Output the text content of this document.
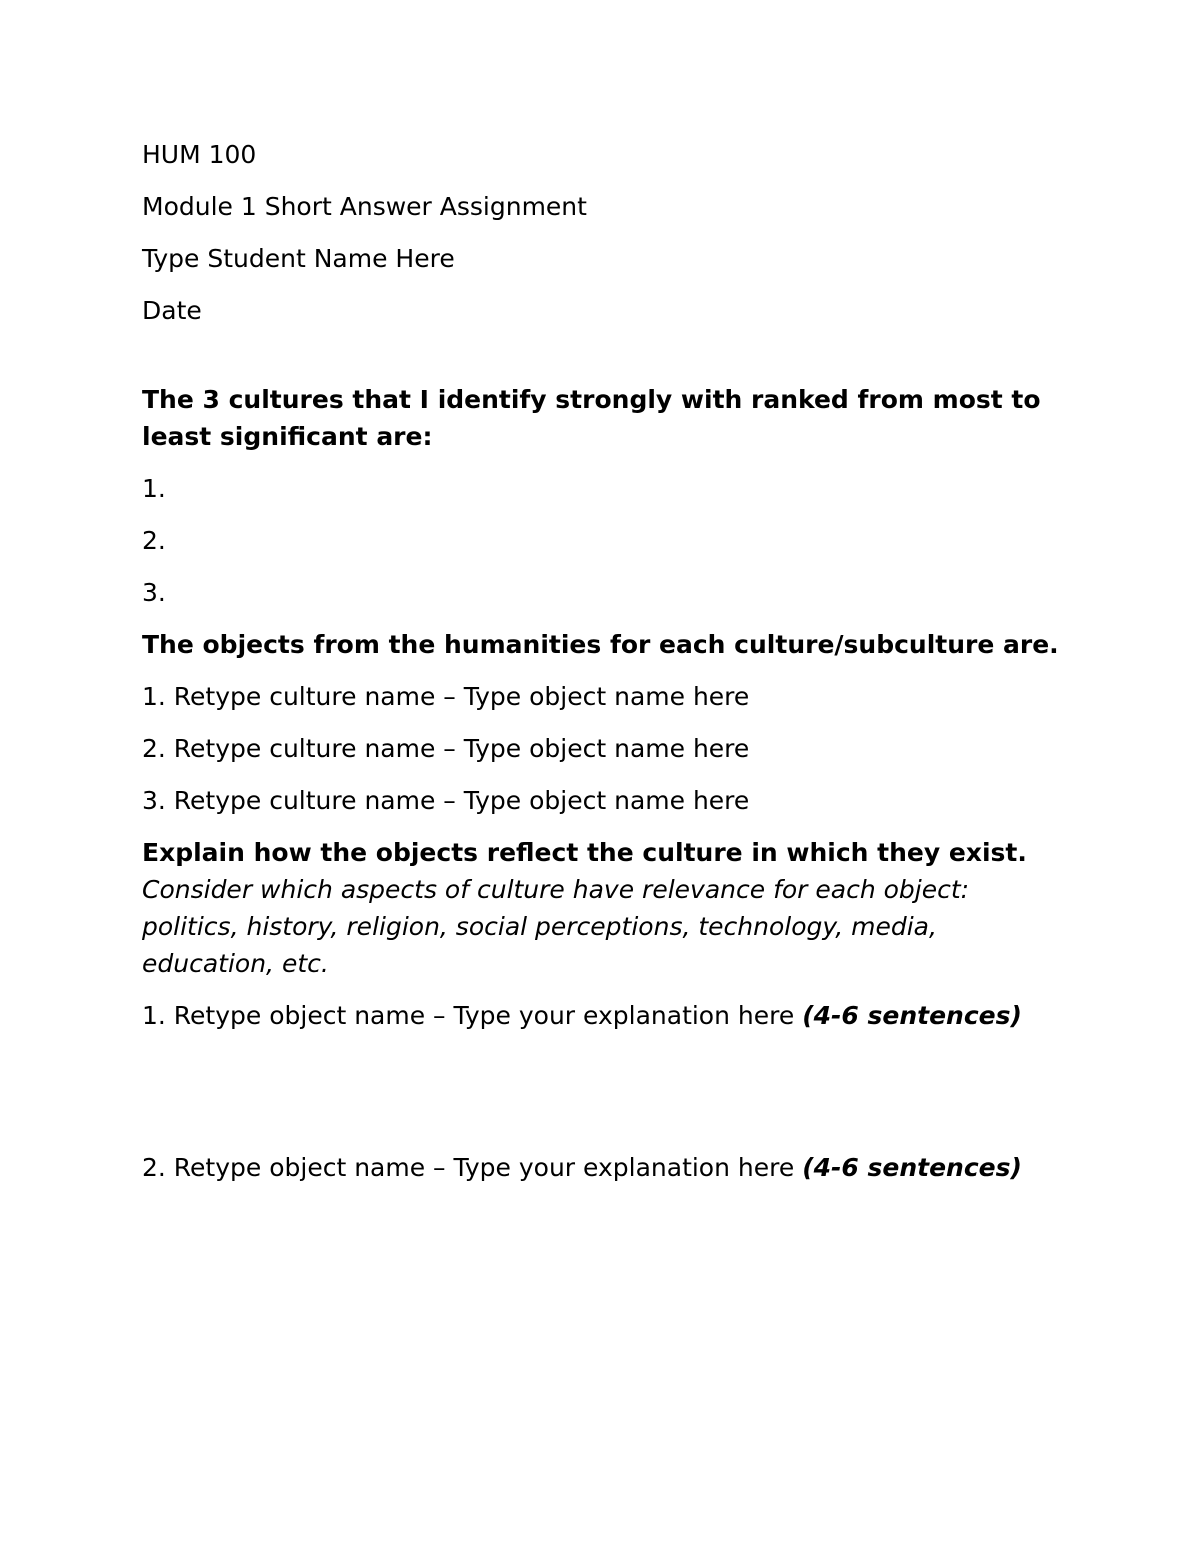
HUM 100

Module 1 Short Answer Assignment

Type Student Name Here

Date

The 3 cultures that I identify strongly with ranked from most to least significant are:

1.

2.

3.

The objects from the humanities for each culture/subculture are.

1. Retype culture name – Type object name here

2. Retype culture name – Type object name here

3. Retype culture name – Type object name here

Explain how the objects reflect the culture in which they exist. Consider which aspects of culture have relevance for each object: politics, history, religion, social perceptions, technology, media, education, etc.

1. Retype object name – Type your explanation here (4-6 sentences)

2. Retype object name – Type your explanation here (4-6 sentences)
